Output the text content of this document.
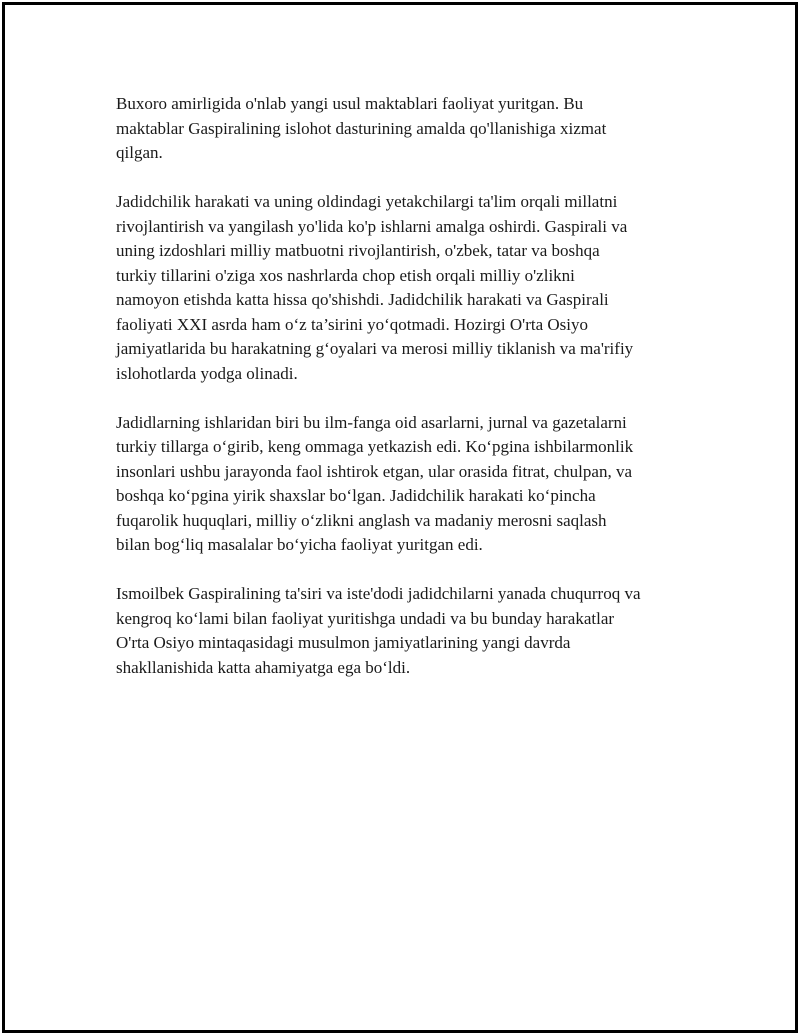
Buxoro amirligida o'nlab yangi usul maktablari faoliyat yuritgan. Bu
maktablar Gaspiralining islohot dasturining amalda qo'llanishiga xizmat
qilgan.

Jadidchilik harakati va uning oldindagi yetakchilargi ta'lim orqali millatni
rivojlantirish va yangilash yo'lida ko'p ishlarni amalga oshirdi. Gaspirali va
uning izdoshlari milliy matbuotni rivojlantirish, o'zbek, tatar va boshqa
turkiy tillarini o'ziga xos nashrlarda chop etish orqali milliy o'zlikni
namoyon etishda katta hissa qo'shishdi. Jadidchilik harakati va Gaspirali
faoliyati XXI asrda ham o‘z ta’sirini yo‘qotmadi. Hozirgi O'rta Osiyo
jamiyatlarida bu harakatning g‘oyalari va merosi milliy tiklanish va ma'rifiy
islohotlarda yodga olinadi.

Jadidlarning ishlaridan biri bu ilm-fanga oid asarlarni, jurnal va gazetalarni
turkiy tillarga o‘girib, keng ommaga yetkazish edi. Ko‘pgina ishbilarmonlik
insonlari ushbu jarayonda faol ishtirok etgan, ular orasida fitrat, chulpan, va
boshqa ko‘pgina yirik shaxslar bo‘lgan. Jadidchilik harakati ko‘pincha
fuqarolik huquqlari, milliy o‘zlikni anglash va madaniy merosni saqlash
bilan bog‘liq masalalar bo‘yicha faoliyat yuritgan edi.

Ismoilbek Gaspiralining ta'siri va iste'dodi jadidchilarni yanada chuqurroq va
kengroq ko‘lami bilan faoliyat yuritishga undadi va bu bunday harakatlar
O'rta Osiyo mintaqasidagi musulmon jamiyatlarining yangi davrda
shakllanishida katta ahamiyatga ega bo‘ldi.
